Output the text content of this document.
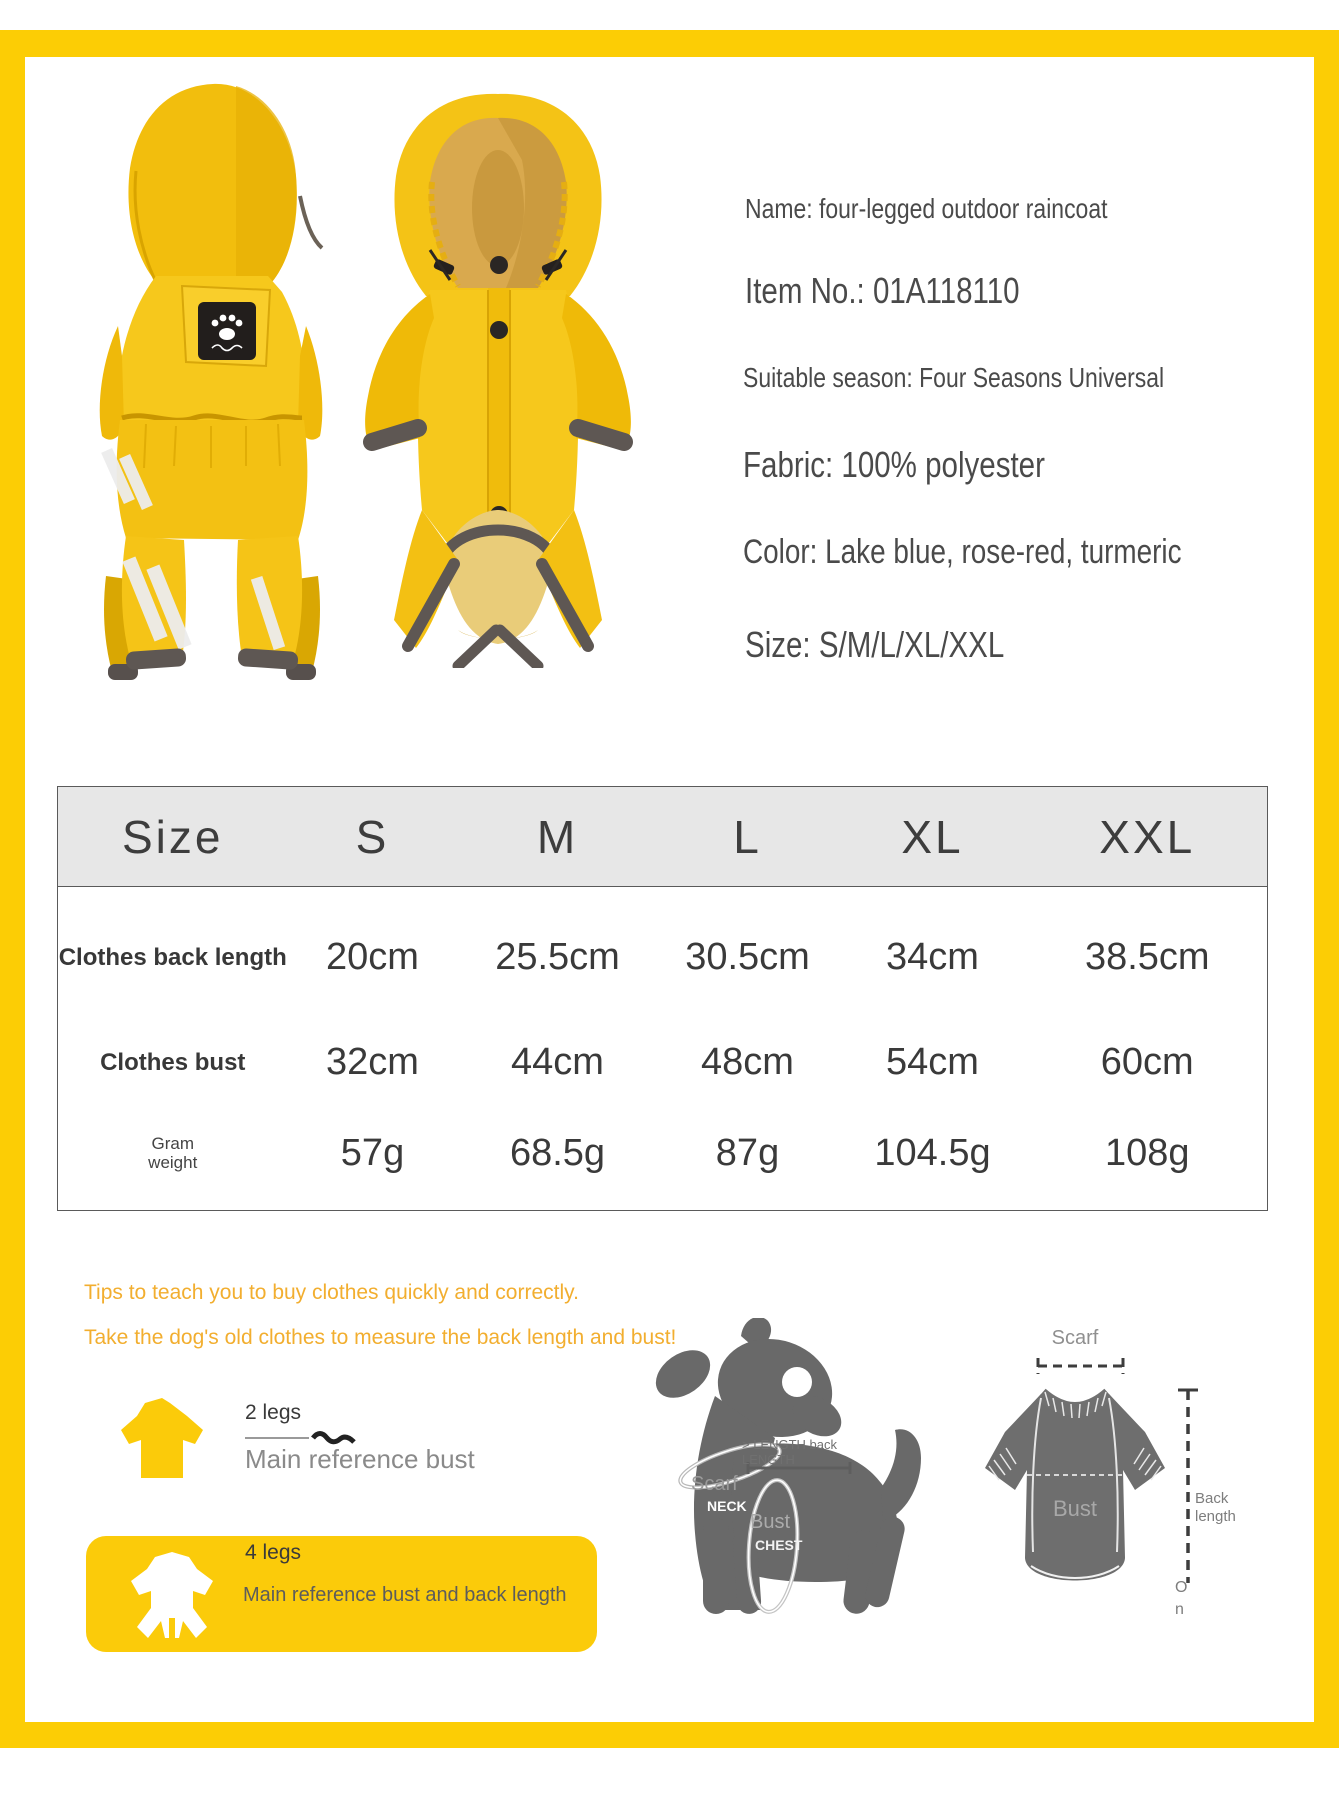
Name: four-legged outdoor raincoat
Item No.: 01A118110
Suitable season: Four Seasons Universal
Fabric: 100% polyester
Color: Lake blue, rose-red, turmeric
Size: S/M/L/XL/XXL
Size	S	M	L	XL	XXL
Clothes back length	20cm	25.5cm	30.5cm	34cm	38.5cm
Clothes bust	32cm	44cm	48cm	54cm	60cm

Gram
weight	57g	68.5g	87g	104.5g	108g
Tips to teach you to buy clothes quickly and correctly.
Take the dog's old clothes to measure the back length and bust!
2 legs
Main reference bust
4 legs
Main reference bust and back length
> LENGTH back
LENGTH
Scarf
NECK
Bust
CHEST
Scarf
Bust	Back
length
O
n
